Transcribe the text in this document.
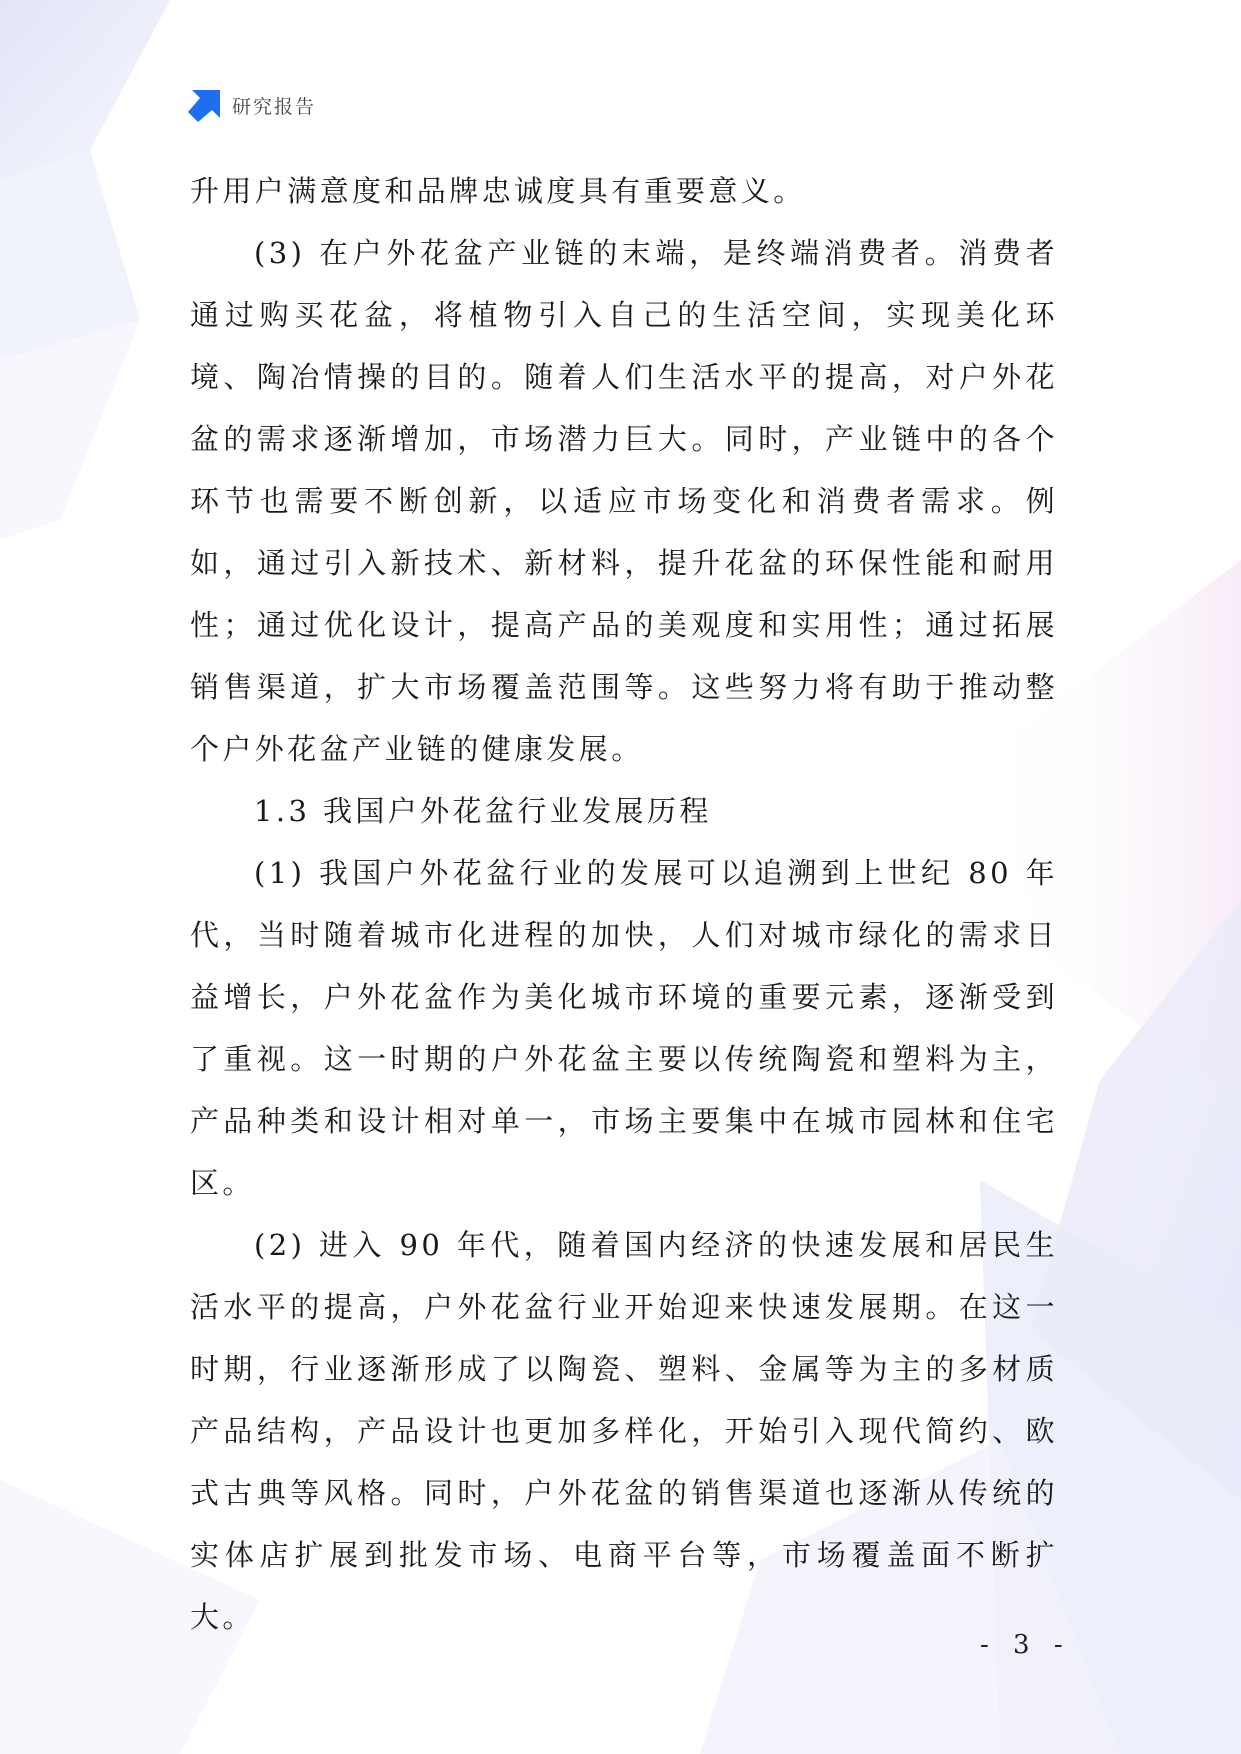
研究报告

升用户满意度和品牌忠诚度具有重要意义。

(3) 在户外花盆产业链的末端，是终端消费者。消费者通过购买花盆，将植物引入自己的生活空间，实现美化环境、陶冶情操的目的。随着人们生活水平的提高，对户外花盆的需求逐渐增加，市场潜力巨大。同时，产业链中的各个环节也需要不断创新，以适应市场变化和消费者需求。例如，通过引入新技术、新材料，提升花盆的环保性能和耐用性；通过优化设计，提高产品的美观度和实用性；通过拓展销售渠道，扩大市场覆盖范围等。这些努力将有助于推动整个户外花盆产业链的健康发展。

1.3 我国户外花盆行业发展历程

(1) 我国户外花盆行业的发展可以追溯到上世纪 80 年代，当时随着城市化进程的加快，人们对城市绿化的需求日益增长，户外花盆作为美化城市环境的重要元素，逐渐受到了重视。这一时期的户外花盆主要以传统陶瓷和塑料为主，产品种类和设计相对单一，市场主要集中在城市园林和住宅区。

(2) 进入 90 年代，随着国内经济的快速发展和居民生活水平的提高，户外花盆行业开始迎来快速发展期。在这一时期，行业逐渐形成了以陶瓷、塑料、金属等为主的多材质产品结构，产品设计也更加多样化，开始引入现代简约、欧式古典等风格。同时，户外花盆的销售渠道也逐渐从传统的实体店扩展到批发市场、电商平台等，市场覆盖面不断扩大。

- 3 -
